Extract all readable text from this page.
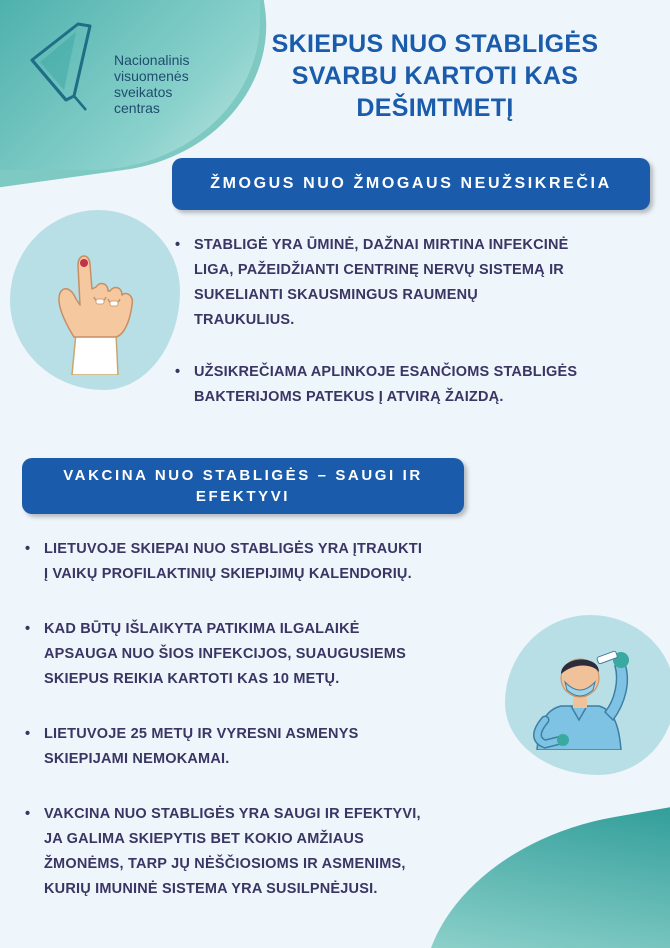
Nacionalinis
visuomenės
sveikatos
centras
SKIEPUS NUO STABLIGĖS
SVARBU KARTOTI KAS
DEŠIMTMETĮ
ŽMOGUS NUO ŽMOGAUS NEUŽSIKREČIA
• STABLIGĖ YRA ŪMINĖ, DAŽNAI MIRTINA INFEKCINĖ
LIGA, PAŽEIDŽIANTI CENTRINĘ NERVŲ SISTEMĄ IR
SUKELIANTI SKAUSMINGUS RAUMENŲ
TRAUKULIUS.
• UŽSIKREČIAMA APLINKOJE ESANČIOMS STABLIGĖS
BAKTERIJOMS PATEKUS Į ATVIRĄ ŽAIZDĄ.
VAKCINA NUO STABLIGĖS – SAUGI IR
EFEKTYVI
• LIETUVOJE SKIEPAI NUO STABLIGĖS YRA ĮTRAUKTI
Į VAIKŲ PROFILAKTINIŲ SKIEPIJIMŲ KALENDORIŲ.
• KAD BŪTŲ IŠLAIKYTA PATIKIMA ILGALAIKĖ
APSAUGA NUO ŠIOS INFEKCIJOS, SUAUGUSIEMS
SKIEPUS REIKIA KARTOTI KAS 10 METŲ.
• LIETUVOJE 25 METŲ IR VYRESNI ASMENYS
SKIEPIJAMI NEMOKAMAI.
• VAKCINA NUO STABLIGĖS YRA SAUGI IR EFEKTYVI,
JA GALIMA SKIEPYTIS BET KOKIO AMŽIAUS
ŽMONĖMS, TARP JŲ NĖŠČIOSIOMS IR ASMENIMS,
KURIŲ IMUNINĖ SISTEMA YRA SUSILPNĖJUSI.
